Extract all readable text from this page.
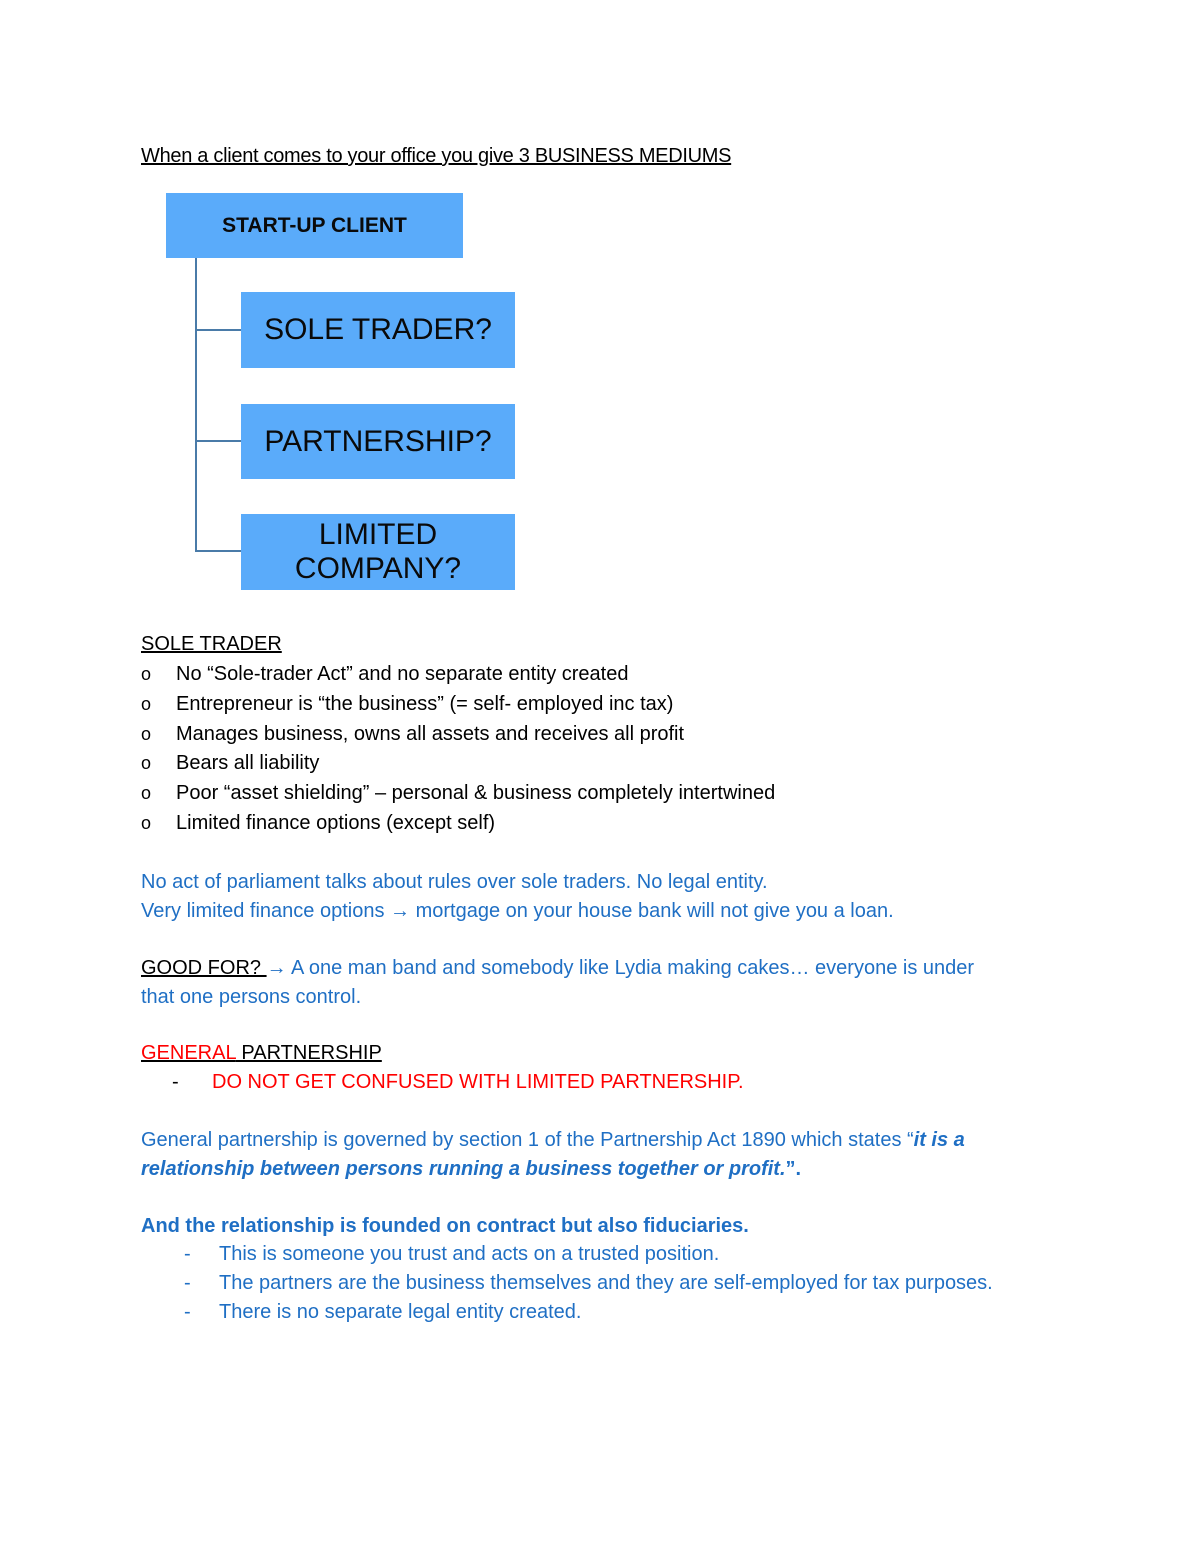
When a client comes to your office you give 3 BUSINESS MEDIUMS
START-UP CLIENT
SOLE TRADER?
PARTNERSHIP?
LIMITED
COMPANY?
SOLE TRADER
o No “Sole-trader Act” and no separate entity created
o Entrepreneur is “the business” (= self- employed inc tax)
o Manages business, owns all assets and receives all profit
o Bears all liability
o Poor “asset shielding” – personal & business completely intertwined
o Limited finance options (except self)
No act of parliament talks about rules over sole traders. No legal entity.
Very limited finance options → mortgage on your house bank will not give you a loan.
GOOD FOR? → A one man band and somebody like Lydia making cakes… everyone is under
that one persons control.
GENERAL PARTNERSHIP
- DO NOT GET CONFUSED WITH LIMITED PARTNERSHIP.
General partnership is governed by section 1 of the Partnership Act 1890 which states “it is a
relationship between persons running a business together or profit.”.
And the relationship is founded on contract but also fiduciaries.
- This is someone you trust and acts on a trusted position.
- The partners are the business themselves and they are self-employed for tax purposes.
- There is no separate legal entity created.
